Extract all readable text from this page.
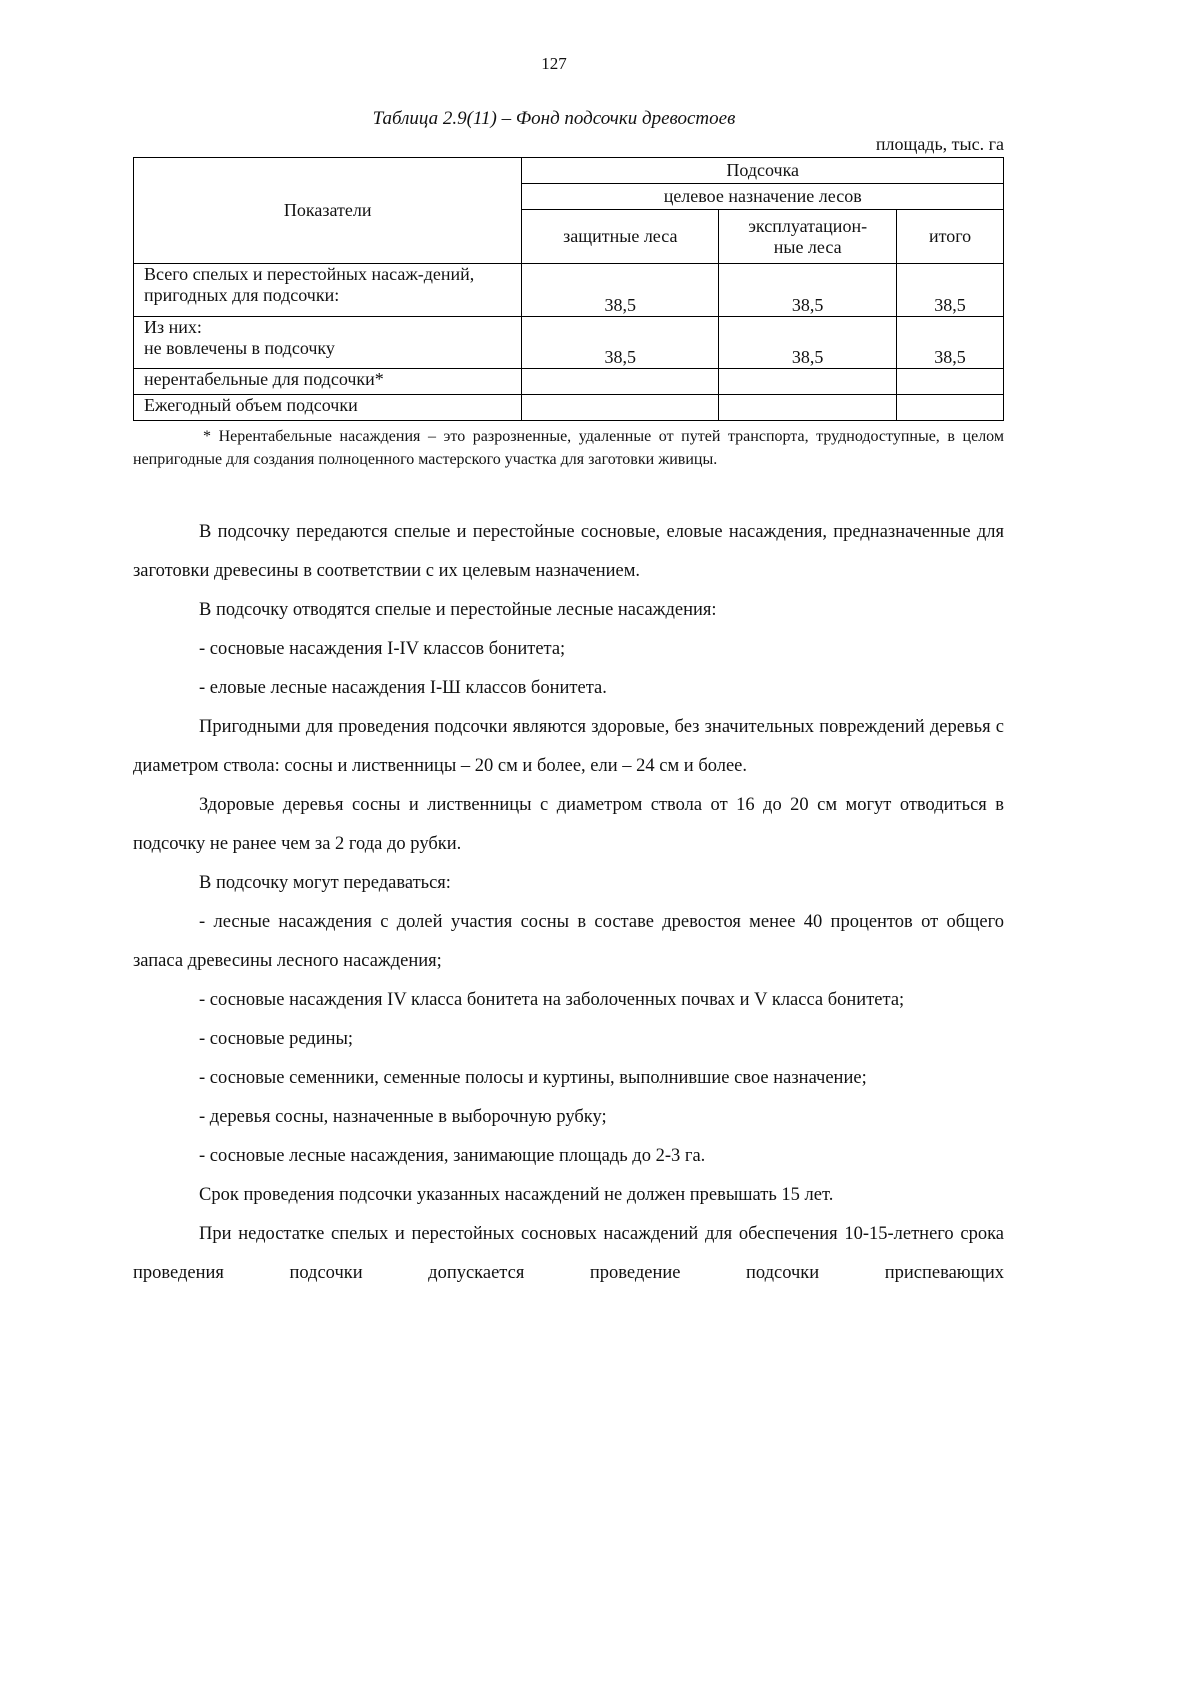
127
Таблица 2.9(11) – Фонд подсочки древостоев
площадь, тыс. га
Показатели	Подсочка		
	целевое назначение лесов		
	защитные леса	эксплуатацион-ные леса	итого
Всего спелых и перестойных насаж-дений, пригодных для подсочки:	38,5	38,5	38,5
Из них:
не вовлечены в подсочку	38,5	38,5	38,5
нерентабельные для подсочки*			
Ежегодный объем подсочки			
* Нерентабельные насаждения – это разрозненные, удаленные от путей транспорта, труднодоступные, в целом непригодные для создания полноценного мастерского участка для заготовки живицы.

В подсочку передаются спелые и перестойные сосновые, еловые насаждения, предназначенные для заготовки древесины в соответствии с их целевым назначением.

В подсочку отводятся спелые и перестойные лесные насаждения:

- сосновые насаждения I-IV классов бонитета;

- еловые лесные насаждения I-Ш классов бонитета.

Пригодными для проведения подсочки являются здоровые, без значительных повреждений деревья с диаметром ствола: сосны и лиственницы – 20 см и более, ели – 24 см и более.

Здоровые деревья сосны и лиственницы с диаметром ствола от 16 до 20 см могут отводиться в подсочку не ранее чем за 2 года до рубки.

В подсочку могут передаваться:

- лесные насаждения с долей участия сосны в составе древостоя менее 40 процентов от общего запаса древесины лесного насаждения;

- сосновые насаждения IV класса бонитета на заболоченных почвах и V класса бонитета;

- сосновые редины;

- сосновые семенники, семенные полосы и куртины, выполнившие свое назначение;

- деревья сосны, назначенные в выборочную рубку;

- сосновые лесные насаждения, занимающие площадь до 2-3 га.

Срок проведения подсочки указанных насаждений не должен превышать 15 лет.

При недостатке спелых и перестойных сосновых насаждений для обеспечения 10-15-летнего срока проведения подсочки допускается проведение подсочки приспевающих
